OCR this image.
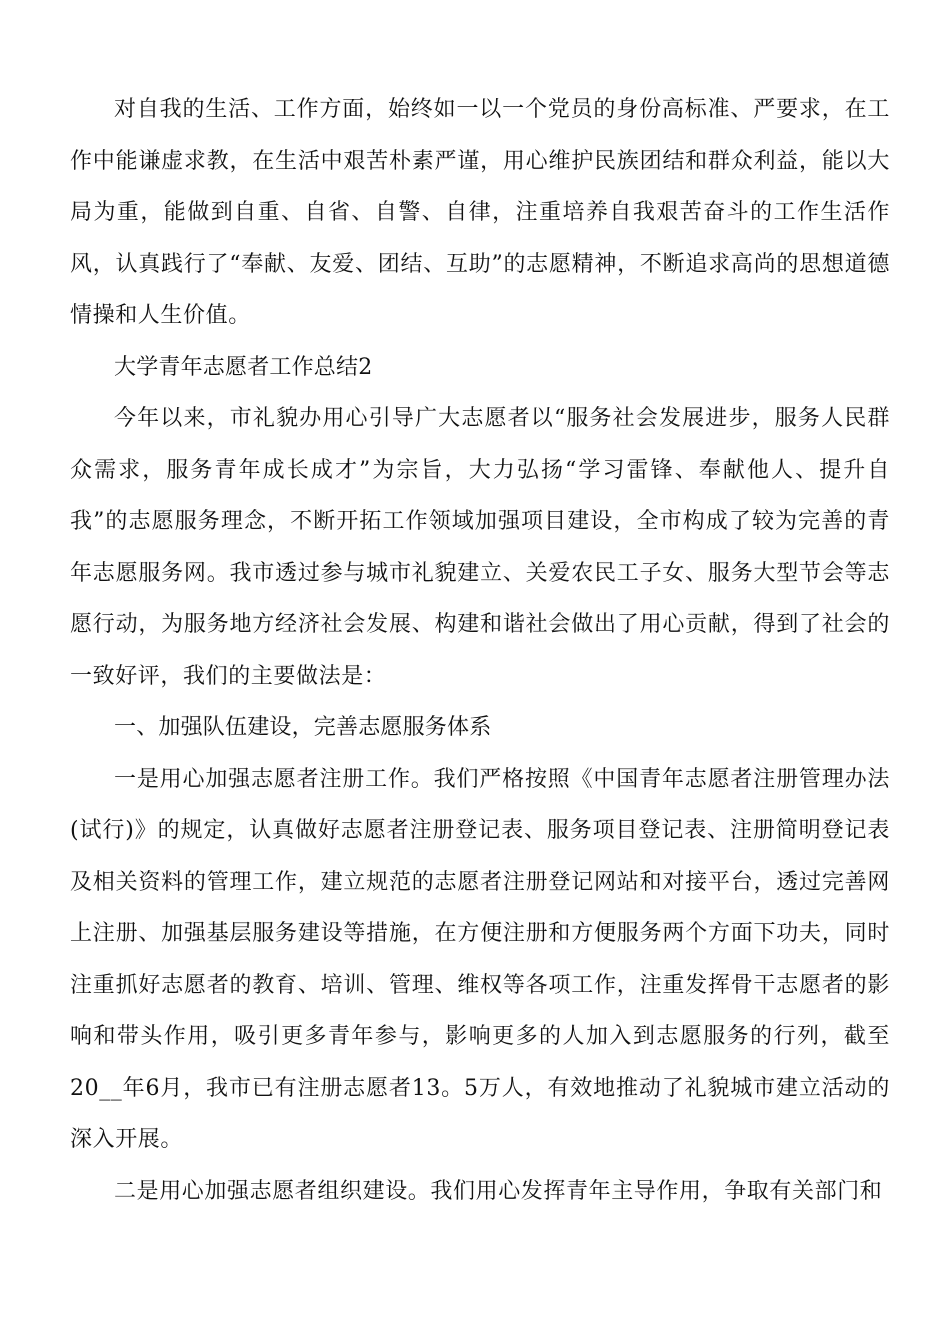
对自我的生活、工作方面，始终如一以一个党员的身份高标准、严要求，在工作中能谦虚求教，在生活中艰苦朴素严谨，用心维护民族团结和群众利益，能以大局为重，能做到自重、自省、自警、自律，注重培养自我艰苦奋斗的工作生活作风，认真践行了“奉献、友爱、团结、互助”的志愿精神，不断追求高尚的思想道德情操和人生价值。

大学青年志愿者工作总结2

今年以来，市礼貌办用心引导广大志愿者以“服务社会发展进步，服务人民群众需求，服务青年成长成才”为宗旨，大力弘扬“学习雷锋、奉献他人、提升自我”的志愿服务理念，不断开拓工作领域加强项目建设，全市构成了较为完善的青年志愿服务网。我市透过参与城市礼貌建立、关爱农民工子女、服务大型节会等志愿行动，为服务地方经济社会发展、构建和谐社会做出了用心贡献，得到了社会的一致好评，我们的主要做法是：

一、加强队伍建设，完善志愿服务体系

一是用心加强志愿者注册工作。我们严格按照《中国青年志愿者注册管理办法(试行)》的规定，认真做好志愿者注册登记表、服务项目登记表、注册简明登记表及相关资料的管理工作，建立规范的志愿者注册登记网站和对接平台，透过完善网上注册、加强基层服务建设等措施，在方便注册和方便服务两个方面下功夫，同时注重抓好志愿者的教育、培训、管理、维权等各项工作，注重发挥骨干志愿者的影响和带头作用，吸引更多青年参与，影响更多的人加入到志愿服务的行列，截至20__年6月，我市已有注册志愿者13。5万人，有效地推动了礼貌城市建立活动的深入开展。

二是用心加强志愿者组织建设。我们用心发挥青年主导作用，争取有关部门和
